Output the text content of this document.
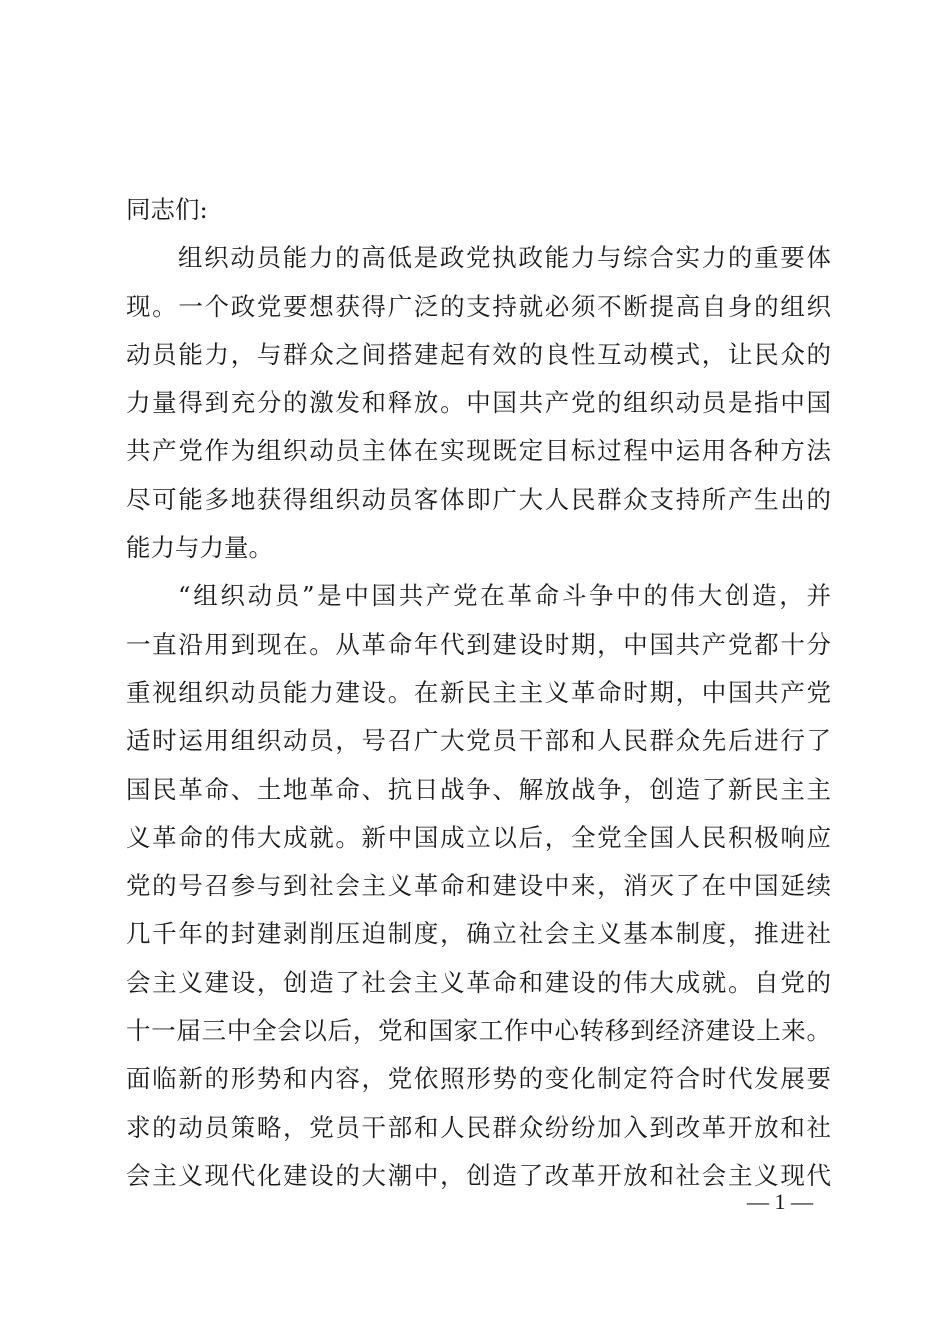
同志们:
组织动员能力的高低是政党执政能力与综合实力的重要体
现。一个政党要想获得广泛的支持就必须不断提高自身的组织
动员能力，与群众之间搭建起有效的良性互动模式，让民众的
力量得到充分的激发和释放。中国共产党的组织动员是指中国
共产党作为组织动员主体在实现既定目标过程中运用各种方法
尽可能多地获得组织动员客体即广大人民群众支持所产生出的
能力与力量。
“组织动员”是中国共产党在革命斗争中的伟大创造，并
一直沿用到现在。从革命年代到建设时期，中国共产党都十分
重视组织动员能力建设。在新民主主义革命时期，中国共产党
适时运用组织动员，号召广大党员干部和人民群众先后进行了
国民革命、土地革命、抗日战争、解放战争，创造了新民主主
义革命的伟大成就。新中国成立以后，全党全国人民积极响应
党的号召参与到社会主义革命和建设中来，消灭了在中国延续
几千年的封建剥削压迫制度，确立社会主义基本制度，推进社
会主义建设，创造了社会主义革命和建设的伟大成就。自党的
十一届三中全会以后，党和国家工作中心转移到经济建设上来。
面临新的形势和内容，党依照形势的变化制定符合时代发展要
求的动员策略，党员干部和人民群众纷纷加入到改革开放和社
会主义现代化建设的大潮中，创造了改革开放和社会主义现代
— 1 —
